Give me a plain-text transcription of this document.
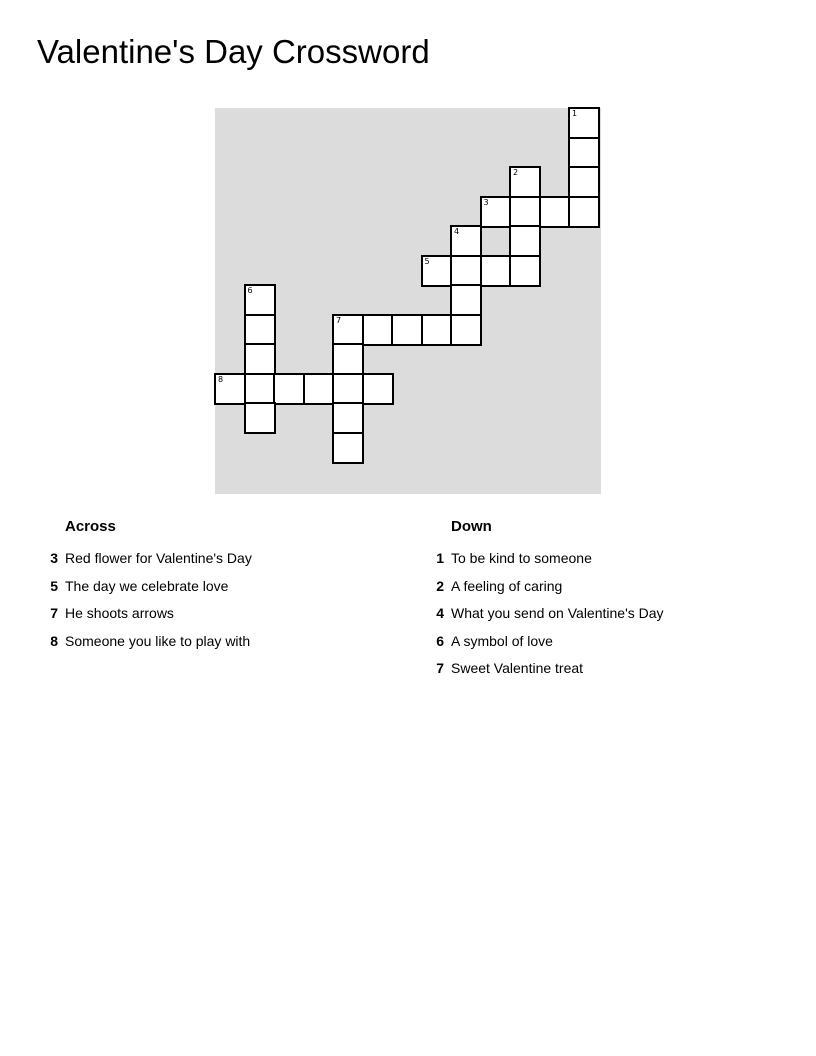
Valentine's Day Crossword
1
2
3
4
5
6
7
8
Across
3 Red flower for Valentine's Day
5 The day we celebrate love
7 He shoots arrows
8 Someone you like to play with
Down
1 To be kind to someone
2 A feeling of caring
4 What you send on Valentine's Day
6 A symbol of love
7 Sweet Valentine treat
